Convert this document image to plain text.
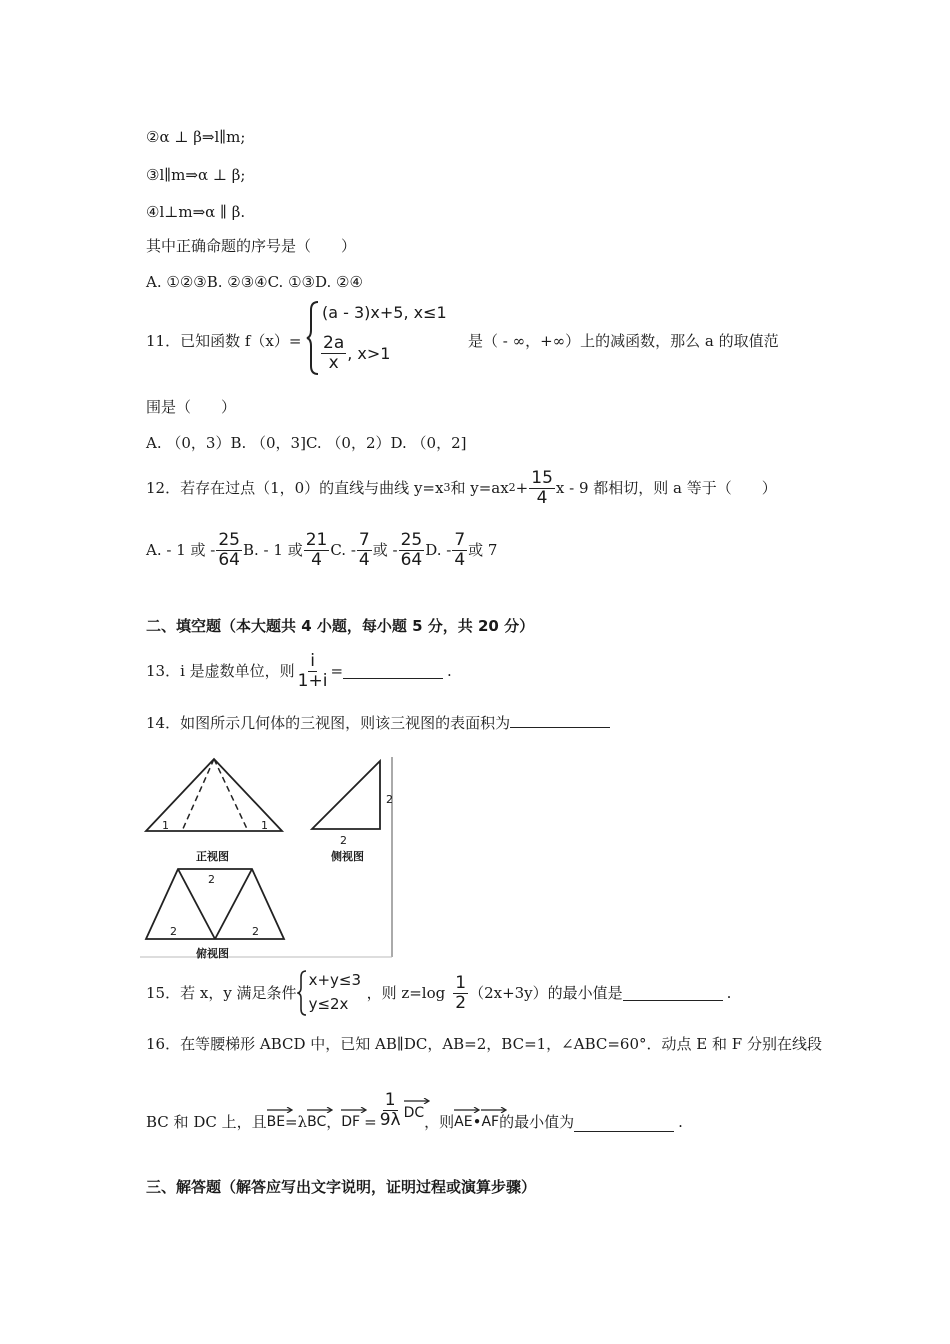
②α ⊥ β⇒l∥m;
③l∥m⇒α ⊥ β;
④l⊥m⇒α ∥ β.
其中正确命题的序号是（　　）
A. ①②③B. ②③④C. ①③D. ②④
11．已知函数 f（x）=
(a - 3)x+5, x≤1
$\frac{2a}{x}$ , x>1
是（ - ∞，+∞）上的减函数，那么 a 的取值范
围是（　　）
A. （0，3）B. （0，3]C. （0，2）D. （0，2]
12．若存在过点（1，0）的直线与曲线 y=x 3 和 y=ax $2 + \frac{15}{4}$ x - 9 都相切，则 a 等于（　　）
A. - 1 或 - $\frac{25}{64} B$. - 1 或 $\frac{21}{4} C$. - $\frac{7}{4}$ 或 - $\frac{25}{64} D$. - $\frac{7}{4}$ 或 7
二、填空题（本大题共 4 小题，每小题 5 分，共 20 分）
13．i 是虚数单位，则 $\frac{i}{1+i}$ =	.
14．如图所示几何体的三视图，则该三视图的表面积为
1	1
正视图
2
2
侧视图
2
2	2
俯视图
15．若 x，y 满足条件
x+y≤3
y≤2x
，则 $z=\log \frac{1}{2} (2x+3y)$的最小值是	.
16．在等腰梯形 ABCD 中，已知 AB∥DC，AB=2，BC=1，∠ABC=60°．动点 E 和 F 分别在线段
BC 和 DC 上，且 BE =λ BC ， DF = $\frac{1}{9\lambda}$ DC
，则 AE • AF 的最小值为	.
三、解答题（解答应写出文字说明，证明过程或演算步骤）
